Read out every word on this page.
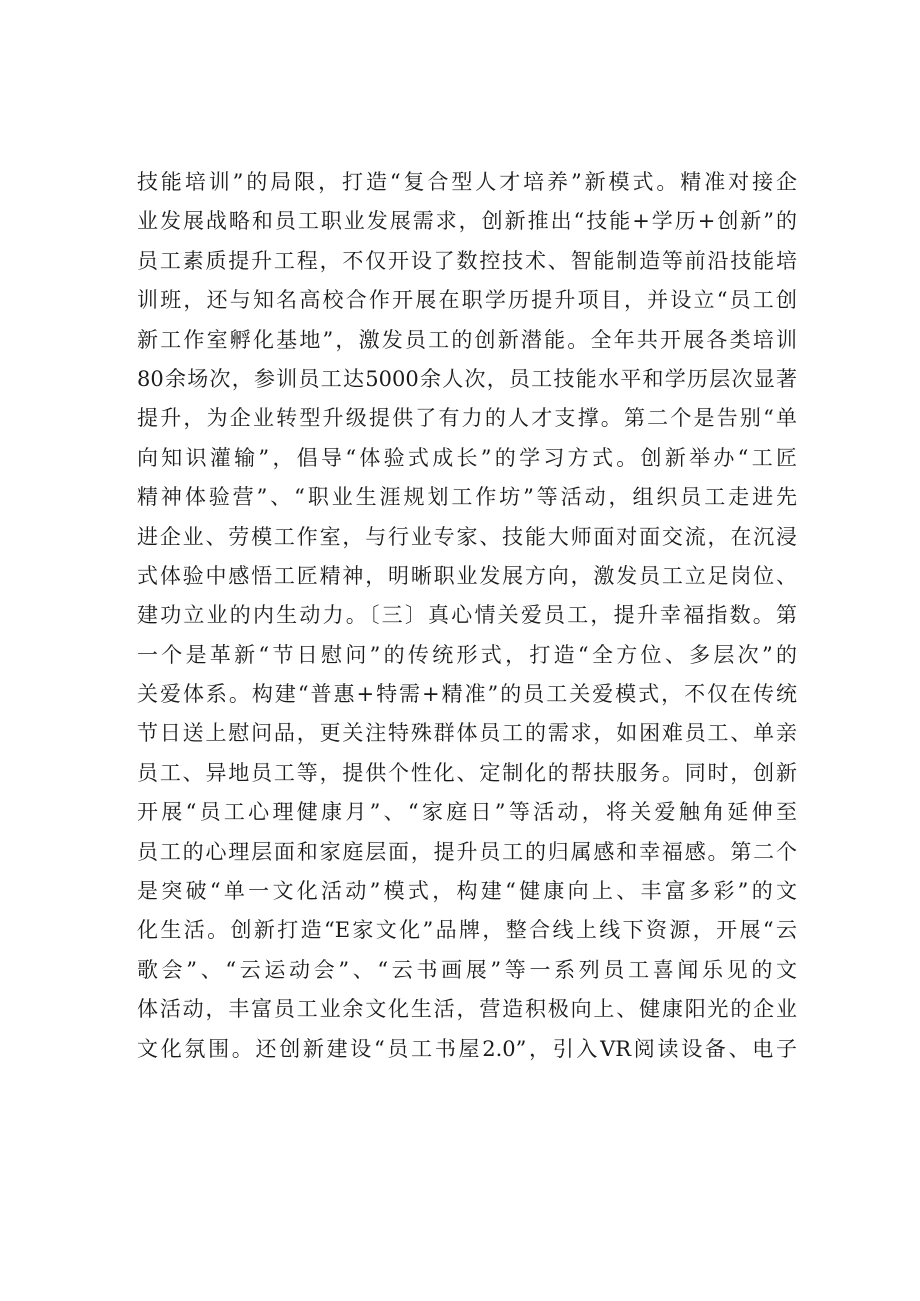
技能培训”的局限，打造“复合型人才培养”新模式。精准对接企
业发展战略和员工职业发展需求，创新推出“技能+学历+创新”的
员工素质提升工程，不仅开设了数控技术、智能制造等前沿技能培
训班，还与知名高校合作开展在职学历提升项目，并设立“员工创
新工作室孵化基地”，激发员工的创新潜能。全年共开展各类培训
80余场次，参训员工达5000余人次，员工技能水平和学历层次显著
提升，为企业转型升级提供了有力的人才支撑。第二个是告别“单
向知识灌输”，倡导“体验式成长”的学习方式。创新举办“工匠
精神体验营”、“职业生涯规划工作坊”等活动，组织员工走进先
进企业、劳模工作室，与行业专家、技能大师面对面交流，在沉浸
式体验中感悟工匠精神，明晰职业发展方向，激发员工立足岗位、
建功立业的内生动力。〔三〕真心情关爱员工，提升幸福指数。第
一个是革新“节日慰问”的传统形式，打造“全方位、多层次”的
关爱体系。构建“普惠+特需+精准”的员工关爱模式，不仅在传统
节日送上慰问品，更关注特殊群体员工的需求，如困难员工、单亲
员工、异地员工等，提供个性化、定制化的帮扶服务。同时，创新
开展“员工心理健康月”、“家庭日”等活动，将关爱触角延伸至
员工的心理层面和家庭层面，提升员工的归属感和幸福感。第二个
是突破“单一文化活动”模式，构建“健康向上、丰富多彩”的文
化生活。创新打造“E家文化”品牌，整合线上线下资源，开展“云
歌会”、“云运动会”、“云书画展”等一系列员工喜闻乐见的文
体活动，丰富员工业余文化生活，营造积极向上、健康阳光的企业
文化氛围。还创新建设“员工书屋2.0”，引入VR阅读设备、电子
